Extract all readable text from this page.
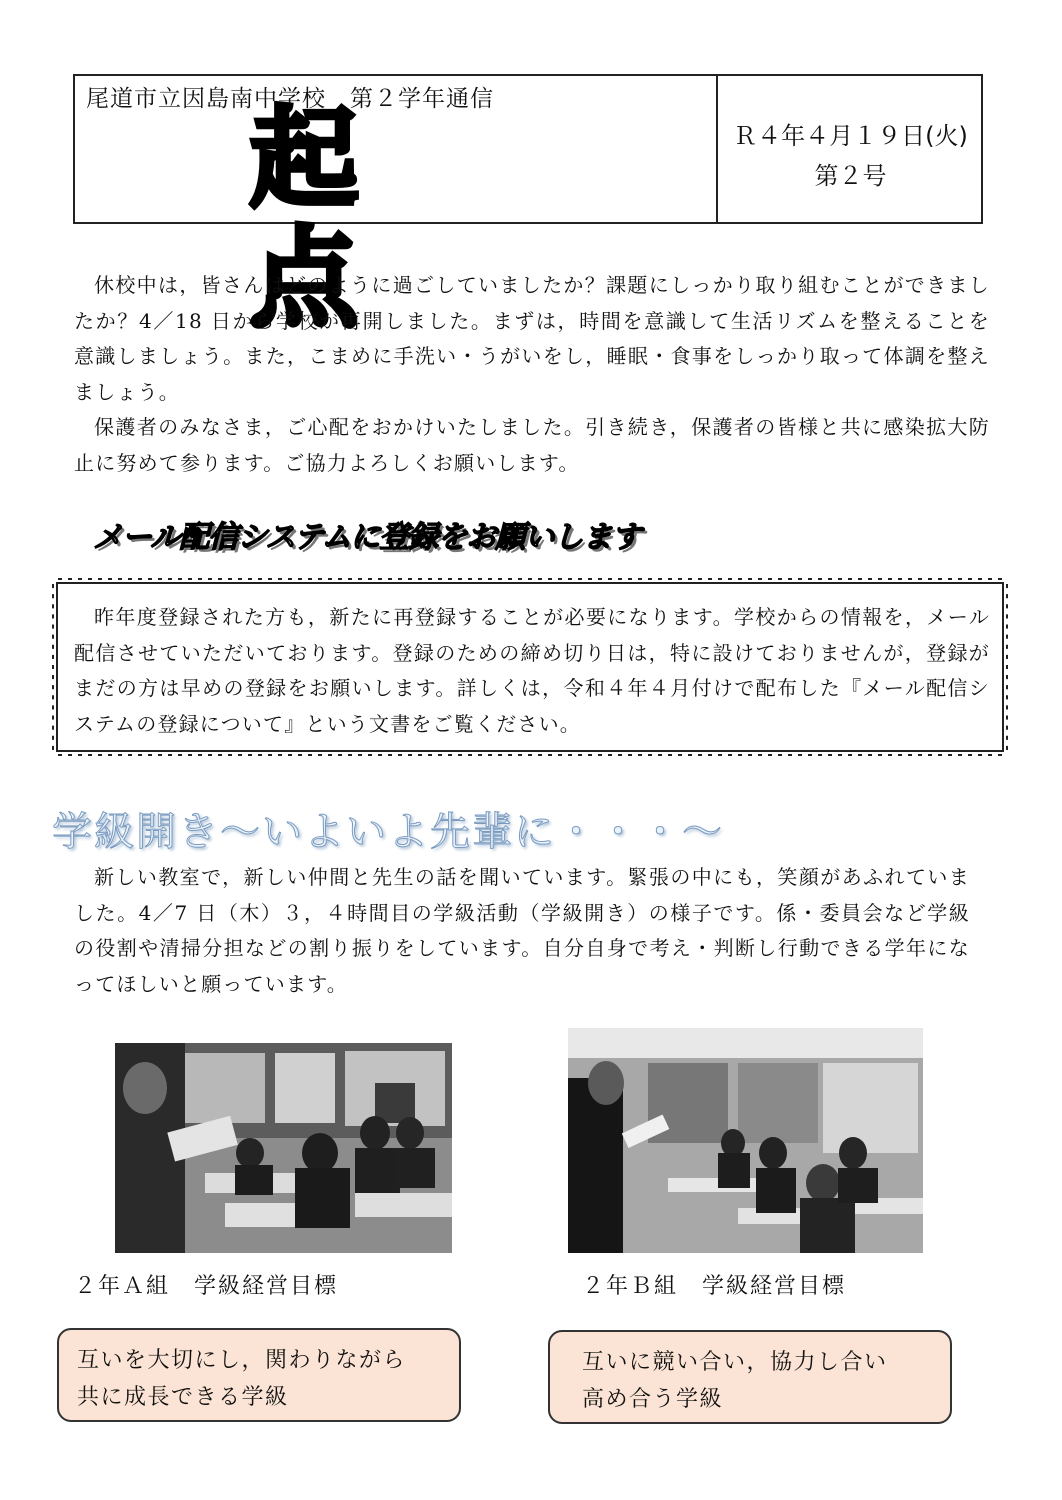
尾道市立因島南中学校　第２学年通信
起点
Ｒ４年４月１９日(火)
第２号

休校中は，皆さんはどのように過ごしていましたか？課題にしっかり取り組むことができましたか？4／18 日から学校が再開しました。まずは，時間を意識して生活リズムを整えることを意識しましょう。また，こまめに手洗い・うがいをし，睡眠・食事をしっかり取って体調を整えましょう。

保護者のみなさま，ご心配をおかけいたしました。引き続き，保護者の皆様と共に感染拡大防止に努めて参ります。ご協力よろしくお願いします。

メール配信システムに登録をお願いします

昨年度登録された方も，新たに再登録することが必要になります。学校からの情報を，メール配信させていただいております。登録のための締め切り日は，特に設けておりませんが，登録がまだの方は早めの登録をお願いします。詳しくは，令和４年４月付けで配布した『メール配信システムの登録について』という文書をご覧ください。

学級開き～いよいよ先輩に・・・～

新しい教室で，新しい仲間と先生の話を聞いています。緊張の中にも，笑顔があふれていました。4／7 日（木）３，４時間目の学級活動（学級開き）の様子です。係・委員会など学級の役割や清掃分担などの割り振りをしています。自分自身で考え・判断し行動できる学年になってほしいと願っています。

２年Ａ組　学級経営目標	２年Ｂ組　学級経営目標
互いを大切にし，関わりながら
共に成長できる学級
互いに競い合い，協力し合い
高め合う学級
